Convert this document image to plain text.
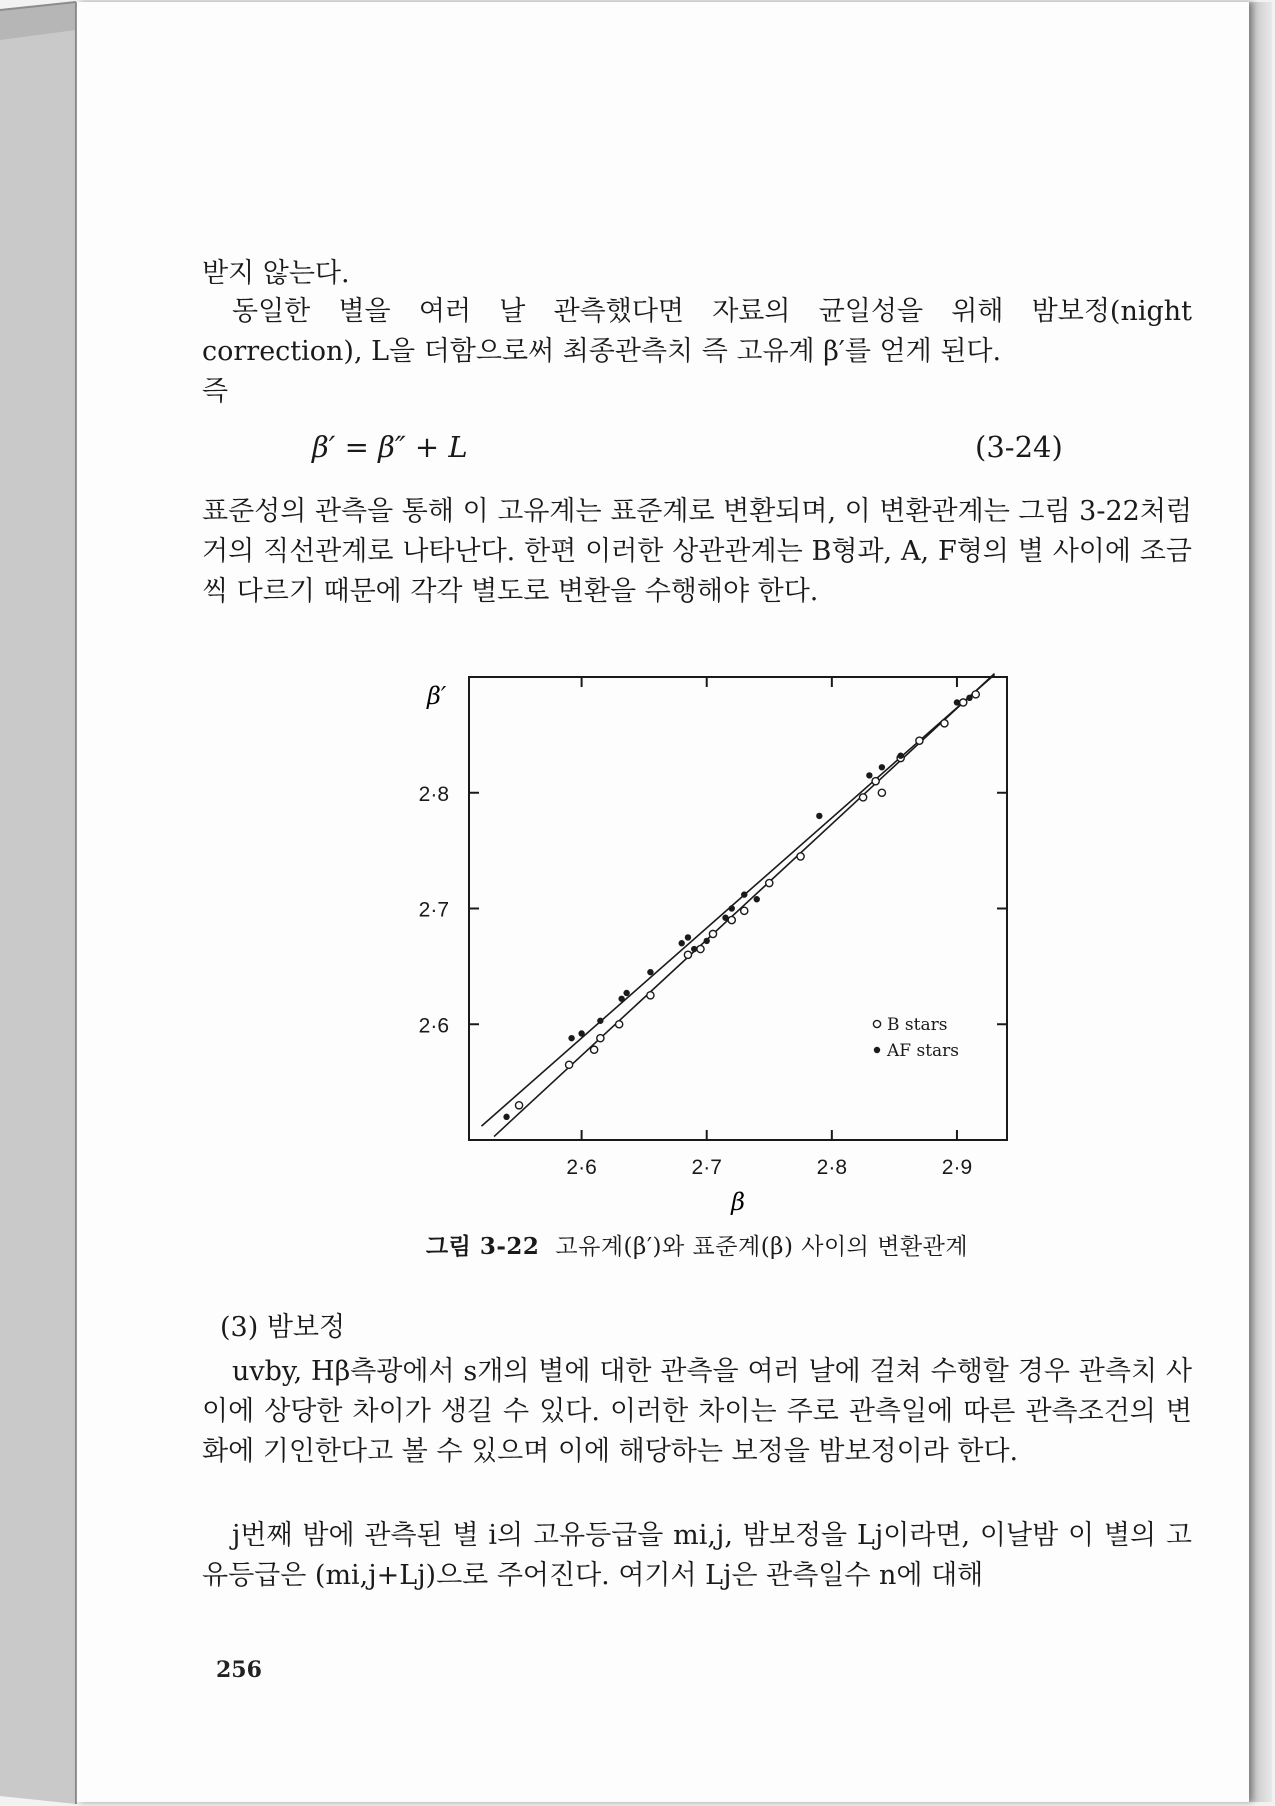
받지 않는다.

동일한 별을 여러 날 관측했다면 자료의 균일성을 위해 밤보정(night correction), L을 더함으로써 최종관측치 즉 고유계 β′를 얻게 된다.

즉

β′ = β″ + L	(3-24)

표준성의 관측을 통해 이 고유계는 표준계로 변환되며, 이 변환관계는 그림 3-22처럼 거의 직선관계로 나타난다. 한편 이러한 상관관계는 B형과, A, F형의 별 사이에 조금씩 다르기 때문에 각각 별도로 변환을 수행해야 한다.

2·6	2·7	2·8	2·9
2·6
2·7
2·8
β′
β
B stars
AF stars
그림 3-22 고유계(β′)와 표준계(β) 사이의 변환관계

(3) 밤보정

uvby, Hβ측광에서 s개의 별에 대한 관측을 여러 날에 걸쳐 수행할 경우 관측치 사이에 상당한 차이가 생길 수 있다. 이러한 차이는 주로 관측일에 따른 관측조건의 변화에 기인한다고 볼 수 있으며 이에 해당하는 보정을 밤보정이라 한다.

j번째 밤에 관측된 별 i의 고유등급을 mi,j, 밤보정을 Lj이라면, 이날밤 이 별의 고유등급은 (mi,j+Lj)으로 주어진다. 여기서 Lj은 관측일수 n에 대해

256
